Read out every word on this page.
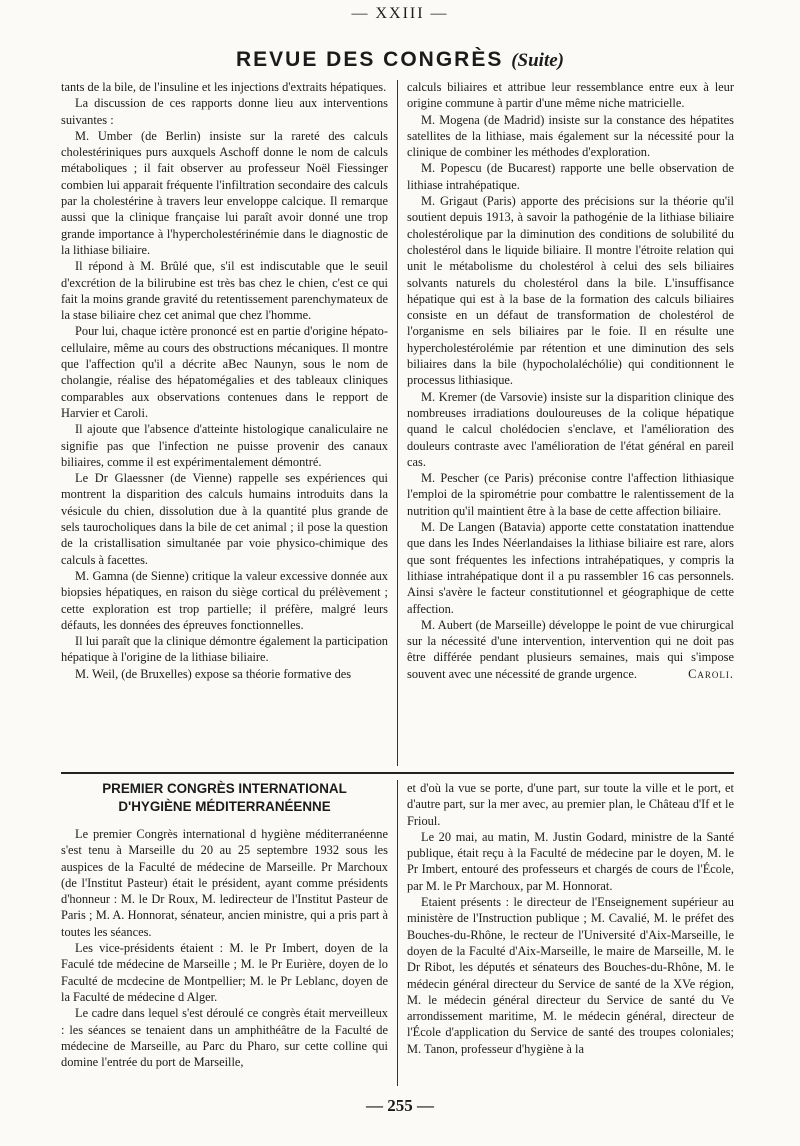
— XXIII —
REVUE DES CONGRÈS (Suite)

tants de la bile, de l'insuline et les injections d'extraits hépatiques.

La discussion de ces rapports donne lieu aux interventions suivantes :

M. Umber (de Berlin) insiste sur la rareté des calculs cholestériniques purs auxquels Aschoff donne le nom de calculs métaboliques ; il fait observer au professeur Noël Fiessinger combien lui apparait fréquente l'infiltration secondaire des calculs par la cholestérine à travers leur enveloppe calcique. Il remarque aussi que la clinique française lui paraît avoir donné une trop grande importance à l'hypercholestérinémie dans le diagnostic de la lithiase biliaire.

Il répond à M. Brûlé que, s'il est indiscutable que le seuil d'excrétion de la bilirubine est très bas chez le chien, c'est ce qui fait la moins grande gravité du retentissement parenchymateux de la stase biliaire chez cet animal que chez l'homme.

Pour lui, chaque ictère prononcé est en partie d'origine hépato-cellulaire, même au cours des obstructions mécaniques. Il montre que l'affection qu'il a décrite aBec Naunyn, sous le nom de cholangie, réalise des hépatomégalies et des tableaux cliniques comparables aux observations contenues dans le repport de Harvier et Caroli.

Il ajoute que l'absence d'atteinte histologique canaliculaire ne signifie pas que l'infection ne puisse provenir des canaux biliaires, comme il est expérimentalement démontré.

Le Dr Glaessner (de Vienne) rappelle ses expériences qui montrent la disparition des calculs humains introduits dans la vésicule du chien, dissolution due à la quantité plus grande de sels taurocholiques dans la bile de cet animal ; il pose la question de la cristallisation simultanée par voie physico-chimique des calculs à facettes.

M. Gamna (de Sienne) critique la valeur excessive donnée aux biopsies hépatiques, en raison du siège cortical du prélèvement ; cette exploration est trop partielle; il préfère, malgré leurs défauts, les données des épreuves fonctionnelles.

Il lui paraît que la clinique démontre également la participation hépatique à l'origine de la lithiase biliaire.

M. Weil, (de Bruxelles) expose sa théorie formative des

calculs biliaires et attribue leur ressemblance entre eux à leur origine commune à partir d'une même niche matricielle.

M. Mogena (de Madrid) insiste sur la constance des hépatites satellites de la lithiase, mais également sur la nécessité pour la clinique de combiner les méthodes d'exploration.

M. Popescu (de Bucarest) rapporte une belle observation de lithiase intrahépatique.

M. Grigaut (Paris) apporte des précisions sur la théorie qu'il soutient depuis 1913, à savoir la pathogénie de la lithiase biliaire cholestérolique par la diminution des conditions de solubilité du cholestérol dans le liquide biliaire. Il montre l'étroite relation qui unit le métabolisme du cholestérol à celui des sels biliaires solvants naturels du cholestérol dans la bile. L'insuffisance hépatique qui est à la base de la formation des calculs biliaires consiste en un défaut de transformation de cholestérol de l'organisme en sels biliaires par le foie. Il en résulte une hypercholestérolémie par rétention et une diminution des sels biliaires dans la bile (hypocholaléchólie) qui conditionnent le processus lithiasique.

M. Kremer (de Varsovie) insiste sur la disparition clinique des nombreuses irradiations douloureuses de la colique hépatique quand le calcul cholédocien s'enclave, et l'amélioration des douleurs contraste avec l'amélioration de l'état général en pareil cas.

M. Pescher (ce Paris) préconise contre l'affection lithiasique l'emploi de la spirométrie pour combattre le ralentissement de la nutrition qu'il maintient être à la base de cette affection biliaire.

M. De Langen (Batavia) apporte cette constatation inattendue que dans les Indes Néerlandaises la lithiase biliaire est rare, alors que sont fréquentes les infections intrahépatiques, y compris la lithiase intrahépatique dont il a pu rassembler 16 cas personnels. Ainsi s'avère le facteur constitutionnel et géographique de cette affection.

M. Aubert (de Marseille) développe le point de vue chirurgical sur la nécessité d'une intervention, intervention qui ne doit pas être différée pendant plusieurs semaines, mais qui s'impose souvent avec une nécessité de grande urgence.	Caroli.

PREMIER CONGRÈS INTERNATIONAL
D'HYGIÈNE MÉDITERRANÉENNE

Le premier Congrès international d hygiène méditerranéenne s'est tenu à Marseille du 20 au 25 septembre 1932 sous les auspices de la Faculté de médecine de Marseille. Pr Marchoux (de l'Institut Pasteur) était le président, ayant comme présidents d'honneur : M. le Dr Roux, M. ledirecteur de l'Institut Pasteur de Paris ; M. A. Honnorat, sénateur, ancien ministre, qui a pris part à toutes les séances.

Les vice-présidents étaient : M. le Pr Imbert, doyen de la Faculé tde médecine de Marseille ; M. le Pr Eurière, doyen de lo Faculté de mcdecine de Montpellier; M. le Pr Leblanc, doyen de la Faculté de médecine d Alger.

Le cadre dans lequel s'est déroulé ce congrès était merveilleux : les séances se tenaient dans un amphithéâtre de la Faculté de médecine de Marseille, au Parc du Pharo, sur cette colline qui domine l'entrée du port de Marseille,

et d'où la vue se porte, d'une part, sur toute la ville et le port, et d'autre part, sur la mer avec, au premier plan, le Château d'If et le Frioul.

Le 20 mai, au matin, M. Justin Godard, ministre de la Santé publique, était reçu à la Faculté de médecine par le doyen, M. le Pr Imbert, entouré des professeurs et chargés de cours de l'École, par M. le Pr Marchoux, par M. Honnorat.

Etaient présents : le directeur de l'Enseignement supérieur au ministère de l'Instruction publique ; M. Cavalié, M. le préfet des Bouches-du-Rhône, le recteur de l'Université d'Aix-Marseille, le doyen de la Faculté d'Aix-Marseille, le maire de Marseille, M. le Dr Ribot, les députés et sénateurs des Bouches-du-Rhône, M. le médecin général directeur du Service de santé de la XVe région, M. le médecin général directeur du Service de santé du Ve arrondissement maritime, M. le médecin général, directeur de l'École d'application du Service de santé des troupes coloniales; M. Tanon, professeur d'hygiène à la

— 255 —
